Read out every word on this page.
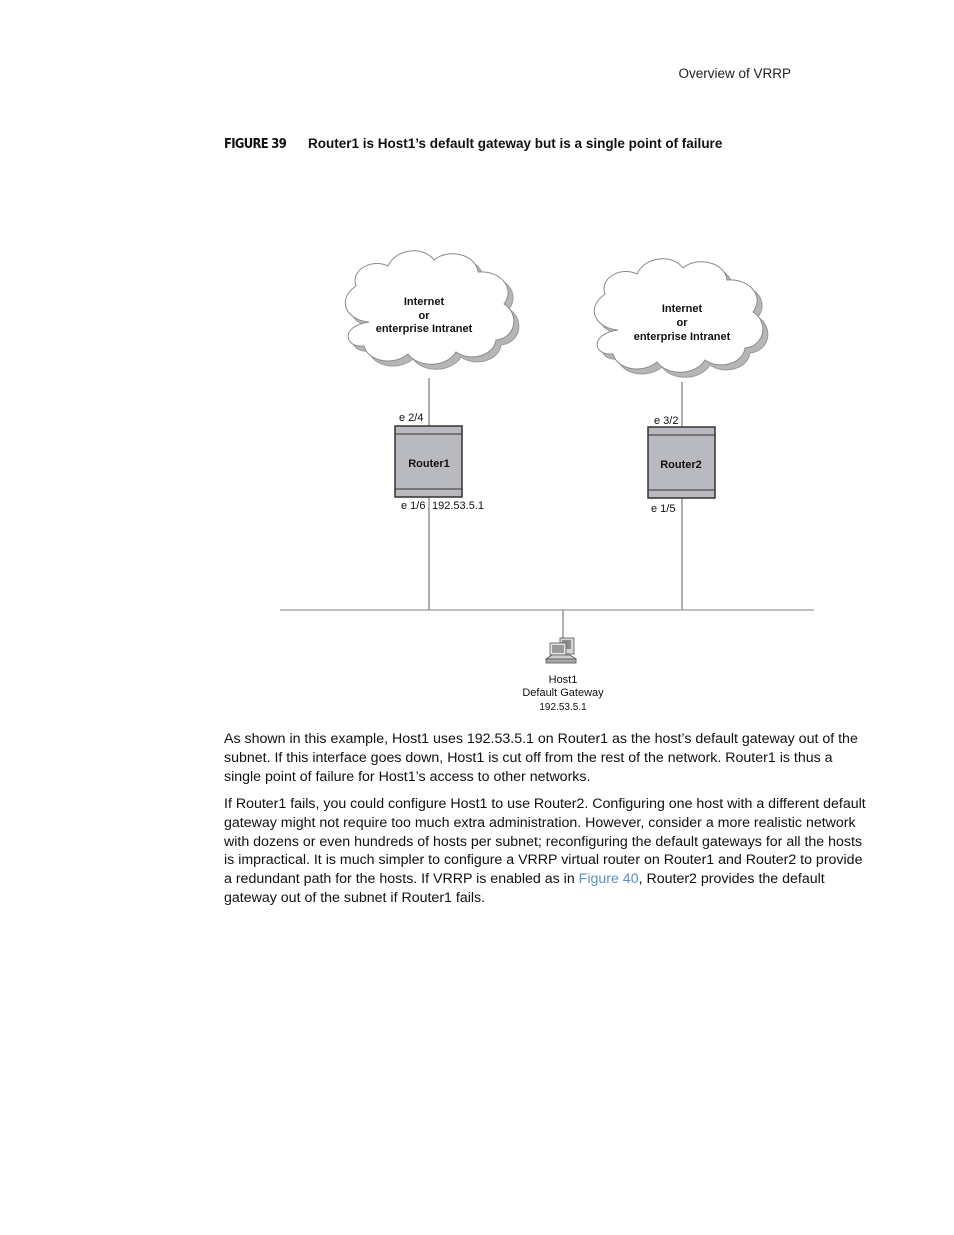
Overview of VRRP
FIGURE 39 Router1 is Host1’s default gateway but is a single point of failure
Internet
or
enterprise Intranet
Internet
or
enterprise Intranet
Router1	Router2
e 2/4	e 3/2
e 1/6 192.53.5.1	e 1/5
Host1
Default Gateway
192.53.5.1

As shown in this example, Host1 uses 192.53.5.1 on Router1 as the host’s default gateway out of the subnet. If this interface goes down, Host1 is cut off from the rest of the network. Router1 is thus a single point of failure for Host1’s access to other networks.

If Router1 fails, you could configure Host1 to use Router2. Configuring one host with a different default gateway might not require too much extra administration. However, consider a more realistic network with dozens or even hundreds of hosts per subnet; reconfiguring the default gateways for all the hosts is impractical. It is much simpler to configure a VRRP virtual router on Router1 and Router2 to provide a redundant path for the hosts. If VRRP is enabled as in Figure 40, Router2 provides the default gateway out of the subnet if Router1 fails.
